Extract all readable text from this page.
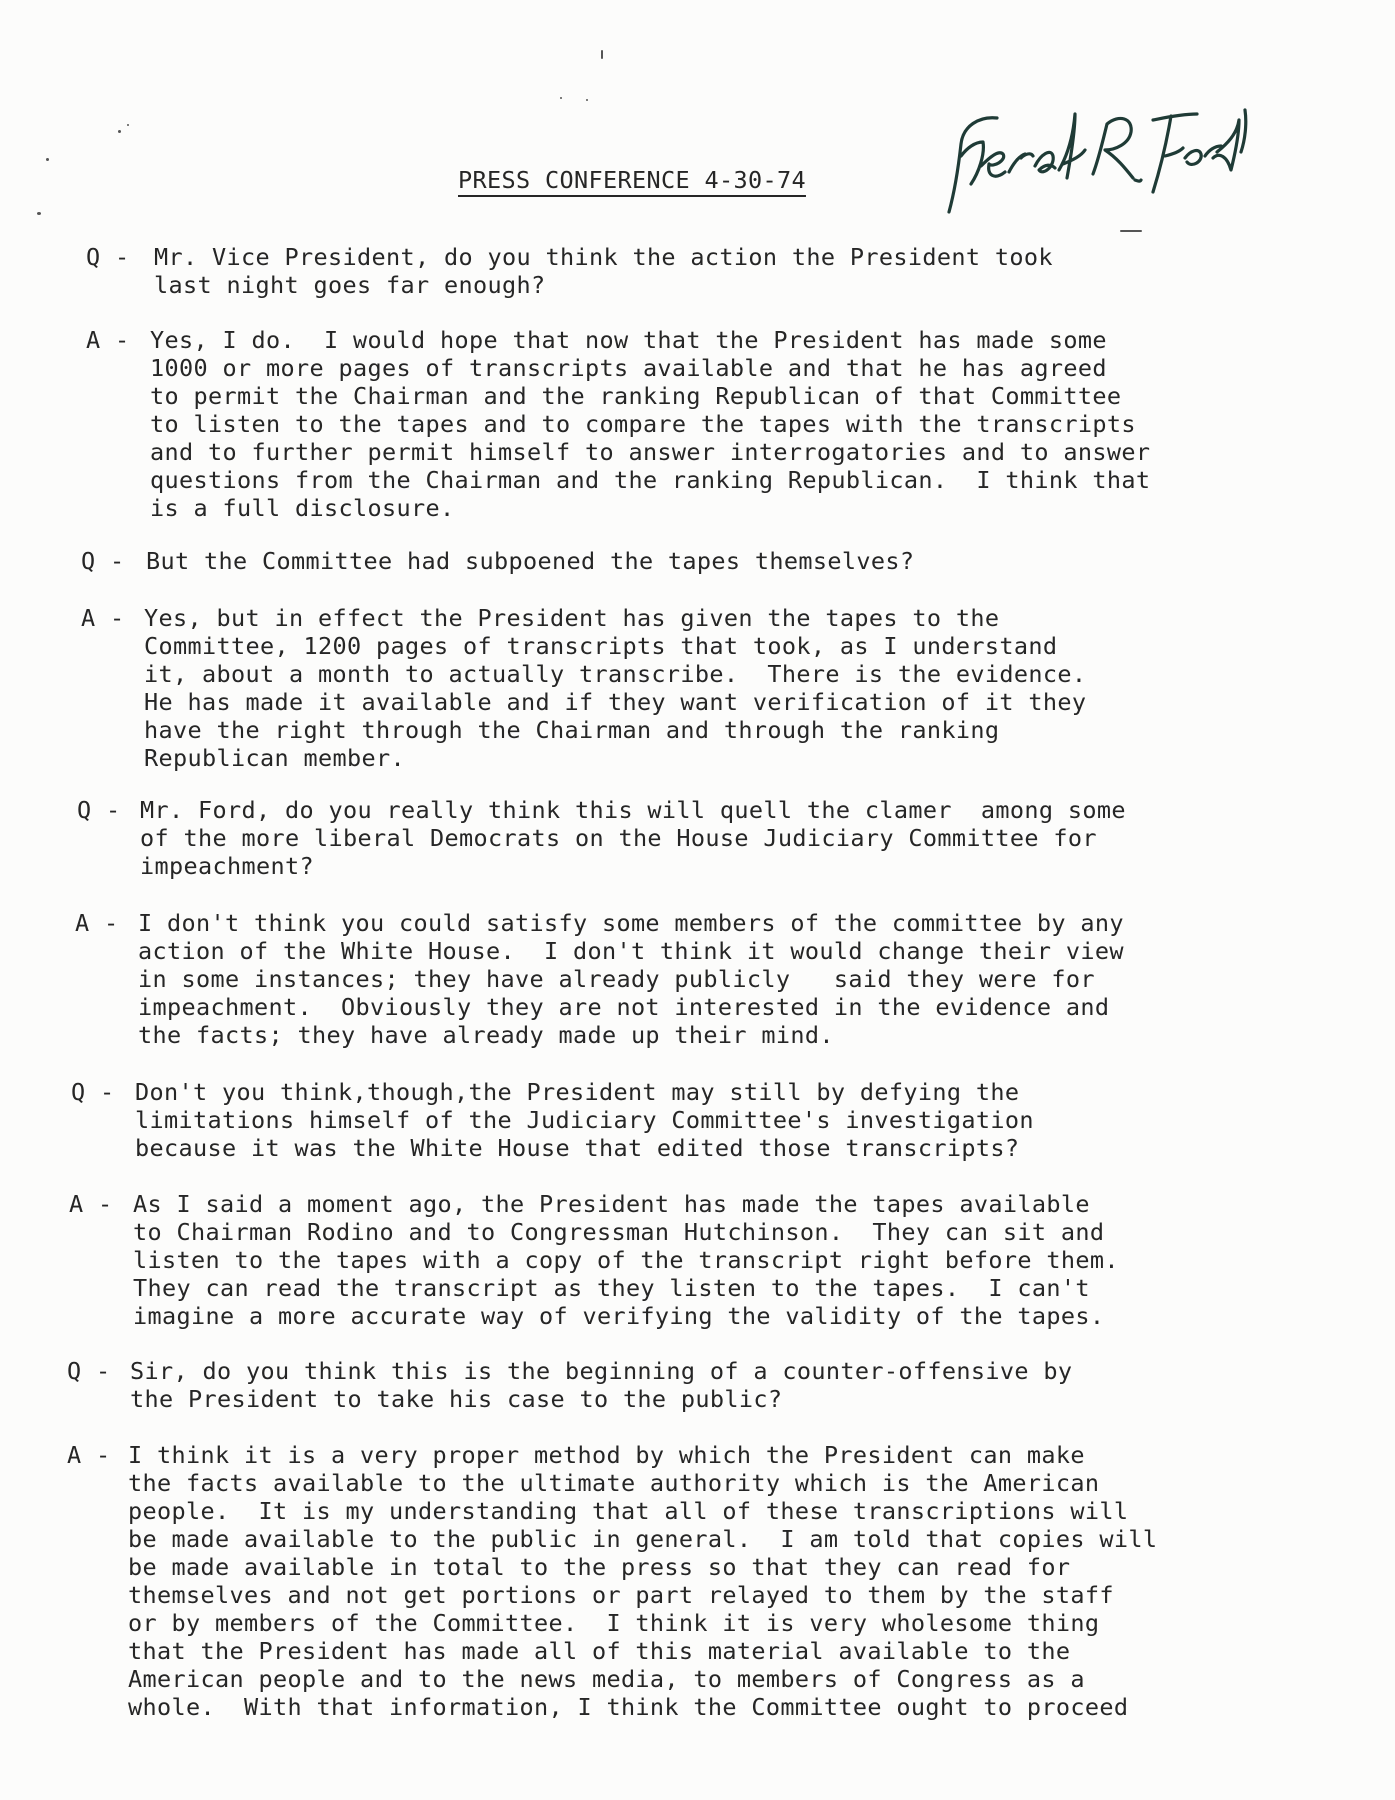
PRESS CONFERENCE 4-30-74
Q -	Mr. Vice President, do you think the action the President took
last night goes far enough?
A - Yes, I do.  I would hope that now that the President has made some
1000 or more pages of transcripts available and that he has agreed
to permit the Chairman and the ranking Republican of that Committee
to listen to the tapes and to compare the tapes with the transcripts
and to further permit himself to answer interrogatories and to answer
questions from the Chairman and the ranking Republican.  I think that
is a full disclosure.
Q - But the Committee had subpoened the tapes themselves?
A - Yes, but in effect the President has given the tapes to the
Committee, 1200 pages of transcripts that took, as I understand
it, about a month to actually transcribe.  There is the evidence.
He has made it available and if they want verification of it they
have the right through the Chairman and through the ranking
Republican member.
Q - Mr. Ford, do you really think this will quell the clamer  among some
of the more liberal Democrats on the House Judiciary Committee for
impeachment?
A - I don't think you could satisfy some members of the committee by any
action of the White House.  I don't think it would change their view
in some instances; they have already publicly   said they were for
impeachment.  Obviously they are not interested in the evidence and
the facts; they have already made up their mind.
Q - Don't you think,though,the President may still by defying the
limitations himself of the Judiciary Committee's investigation
because it was the White House that edited those transcripts?
A - As I said a moment ago, the President has made the tapes available
to Chairman Rodino and to Congressman Hutchinson.  They can sit and
listen to the tapes with a copy of the transcript right before them.
They can read the transcript as they listen to the tapes.  I can't
imagine a more accurate way of verifying the validity of the tapes.
Q - Sir, do you think this is the beginning of a counter-offensive by
the President to take his case to the public?
A - I think it is a very proper method by which the President can make
the facts available to the ultimate authority which is the American
people.  It is my understanding that all of these transcriptions will
be made available to the public in general.  I am told that copies will
be made available in total to the press so that they can read for
themselves and not get portions or part relayed to them by the staff
or by members of the Committee.  I think it is very wholesome thing
that the President has made all of this material available to the
American people and to the news media, to members of Congress as a
whole.  With that information, I think the Committee ought to proceed
